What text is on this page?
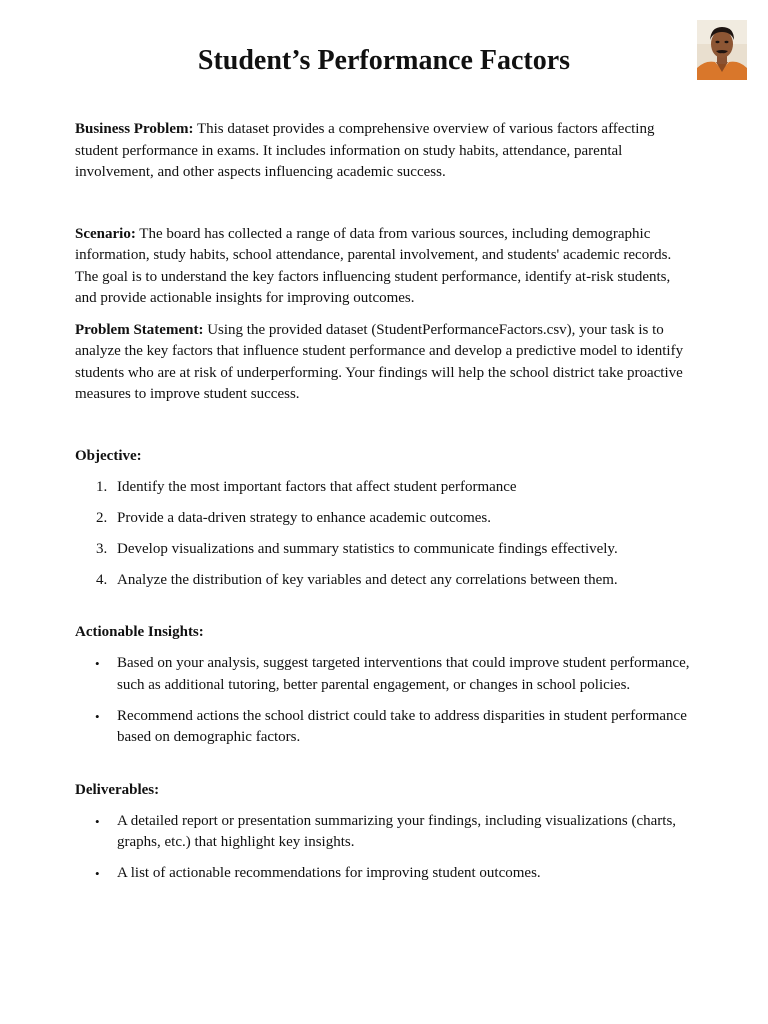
Student’s Performance Factors

Business Problem: This dataset provides a comprehensive overview of various factors affecting student performance in exams. It includes information on study habits, attendance, parental involvement, and other aspects influencing academic success.

Scenario: The board has collected a range of data from various sources, including demographic information, study habits, school attendance, parental involvement, and students' academic records. The goal is to understand the key factors influencing student performance, identify at-risk students, and provide actionable insights for improving outcomes.

Problem Statement: Using the provided dataset (StudentPerformanceFactors.csv), your task is to analyze the key factors that influence student performance and develop a predictive model to identify students who are at risk of underperforming. Your findings will help the school district take proactive measures to improve student success.

Objective:

1. Identify the most important factors that affect student performance
2. Provide a data-driven strategy to enhance academic outcomes.
3. Develop visualizations and summary statistics to communicate findings effectively.
4. Analyze the distribution of key variables and detect any correlations between them.

Actionable Insights:

• Based on your analysis, suggest targeted interventions that could improve student performance, such as additional tutoring, better parental engagement, or changes in school policies.
• Recommend actions the school district could take to address disparities in student performance based on demographic factors.

Deliverables:

• A detailed report or presentation summarizing your findings, including visualizations (charts, graphs, etc.) that highlight key insights.
• A list of actionable recommendations for improving student outcomes.
